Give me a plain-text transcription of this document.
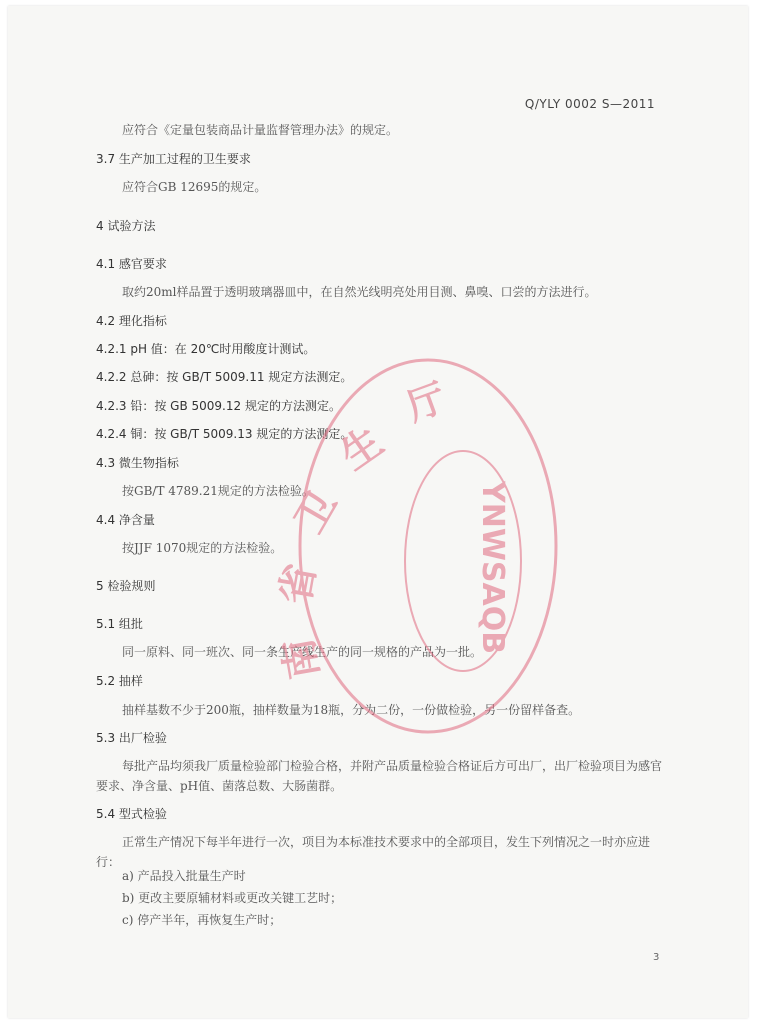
Q/YLY 0002 S—2011
应符合《定量包装商品计量监督管理办法》的规定。
3.7 生产加工过程的卫生要求
应符合GB 12695的规定。
4 试验方法
4.1 感官要求
取约20ml样品置于透明玻璃器皿中，在自然光线明亮处用目测、鼻嗅、口尝的方法进行。
4.2 理化指标
4.2.1 pH 值：在 20℃时用酸度计测试。
4.2.2 总砷：按 GB/T 5009.11 规定方法测定。
4.2.3 铅：按 GB 5009.12 规定的方法测定。
4.2.4 铜：按 GB/T 5009.13 规定的方法测定。
4.3 微生物指标
按GB/T 4789.21规定的方法检验。
4.4 净含量
按JJF 1070规定的方法检验。
5 检验规则
5.1 组批
同一原料、同一班次、同一条生产线生产的同一规格的产品为一批。
5.2 抽样
抽样基数不少于200瓶，抽样数量为18瓶，分为二份，一份做检验，另一份留样备查。
5.3 出厂检验
每批产品均须我厂质量检验部门检验合格，并附产品质量检验合格证后方可出厂，出厂检验项目为感官要求、净含量、pH值、菌落总数、大肠菌群。
5.4 型式检验
正常生产情况下每半年进行一次，项目为本标准技术要求中的全部项目，发生下列情况之一时亦应进行：
a) 产品投入批量生产时
b) 更改主要原辅材料或更改关键工艺时；
c) 停产半年，再恢复生产时；
厅
生
卫
省
南
YNWSAQB
3
